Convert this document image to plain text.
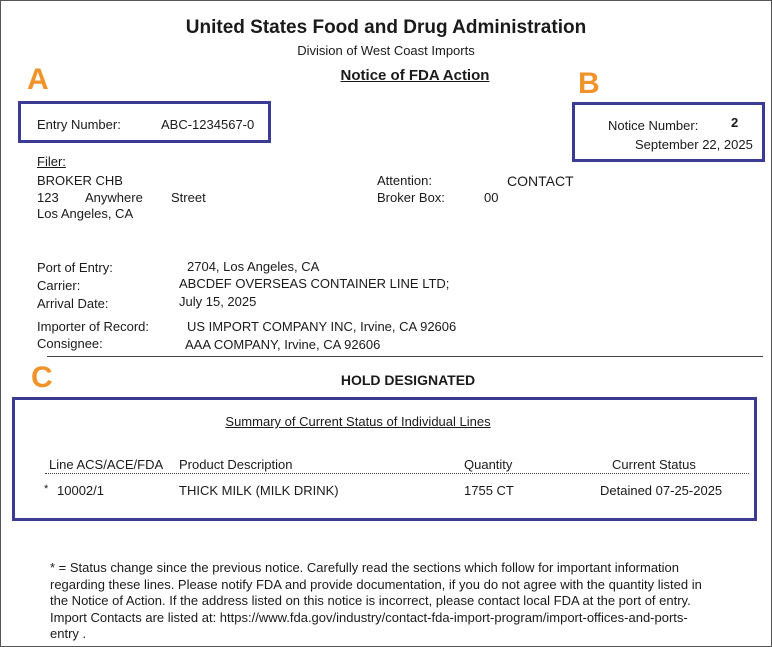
United States Food and Drug Administration
Division of West Coast Imports
Notice of FDA Action
A
Entry Number:	ABC-1234567-0
B
Notice Number:	2
September 22, 2025
Filer:
BROKER CHB
123 Anywhere Street
Los Angeles, CA
Attention:	CONTACT
Broker Box:	00
Port of Entry:	2704, Los Angeles, CA
Carrier:	ABCDEF OVERSEAS CONTAINER LINE LTD;
Arrival Date:	July 15, 2025
Importer of Record:	US IMPORT COMPANY INC, Irvine, CA 92606
Consignee:	AAA COMPANY, Irvine, CA 92606
C	HOLD DESIGNATED
Summary of Current Status of Individual Lines
Line ACS/ACE/FDA	Product Description	Quantity	Current Status
* 10002/1	THICK MILK (MILK DRINK)	1755 CT	Detained 07-25-2025
* = Status change since the previous notice. Carefully read the sections which follow for important information
regarding these lines. Please notify FDA and provide documentation, if you do not agree with the quantity listed in
the Notice of Action. If the address listed on this notice is incorrect, please contact local FDA at the port of entry.
Import Contacts are listed at: https://www.fda.gov/industry/contact-fda-import-program/import-offices-and-ports-
entry .
